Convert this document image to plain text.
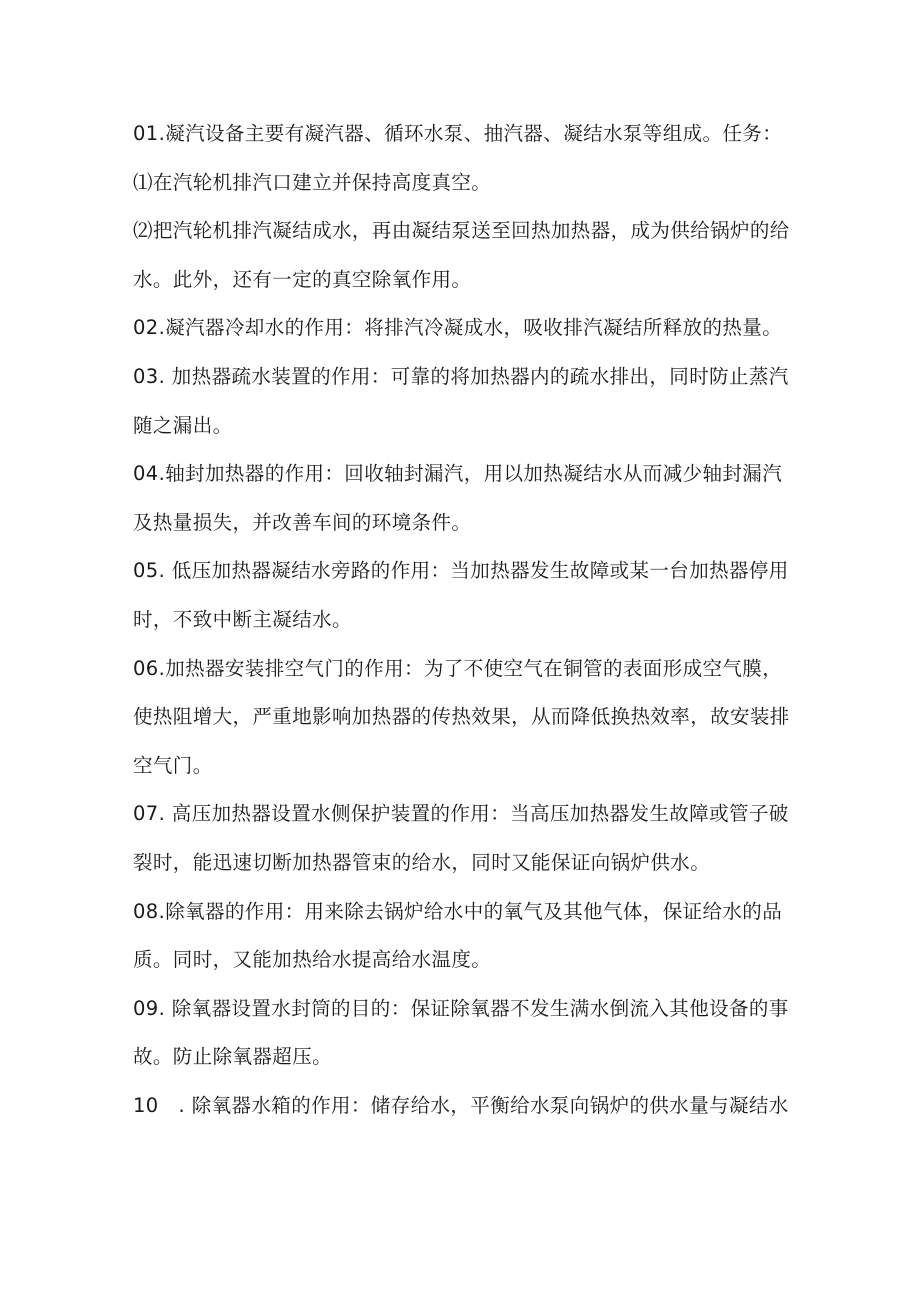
01.凝汽设备主要有凝汽器、循环水泵、抽汽器、凝结水泵等组成。任务：
⑴在汽轮机排汽口建立并保持高度真空。
⑵把汽轮机排汽凝结成水，再由凝结泵送至回热加热器，成为供给锅炉的给
水。此外，还有一定的真空除氧作用。
02.凝汽器冷却水的作用：将排汽冷凝成水，吸收排汽凝结所释放的热量。
03. 加热器疏水装置的作用：可靠的将加热器内的疏水排出，同时防止蒸汽
随之漏出。
04.轴封加热器的作用：回收轴封漏汽，用以加热凝结水从而减少轴封漏汽
及热量损失，并改善车间的环境条件。
05. 低压加热器凝结水旁路的作用：当加热器发生故障或某一台加热器停用
时，不致中断主凝结水。
06.加热器安装排空气门的作用：为了不使空气在铜管的表面形成空气膜，
使热阻增大，严重地影响加热器的传热效果，从而降低换热效率，故安装排
空气门。
07. 高压加热器设置水侧保护装置的作用：当高压加热器发生故障或管子破
裂时，能迅速切断加热器管束的给水，同时又能保证向锅炉供水。
08.除氧器的作用：用来除去锅炉给水中的氧气及其他气体，保证给水的品
质。同时，又能加热给水提高给水温度。
09. 除氧器设置水封筒的目的：保证除氧器不发生满水倒流入其他设备的事
故。防止除氧器超压。
10　. 除氧器水箱的作用：储存给水，平衡给水泵向锅炉的供水量与凝结水
